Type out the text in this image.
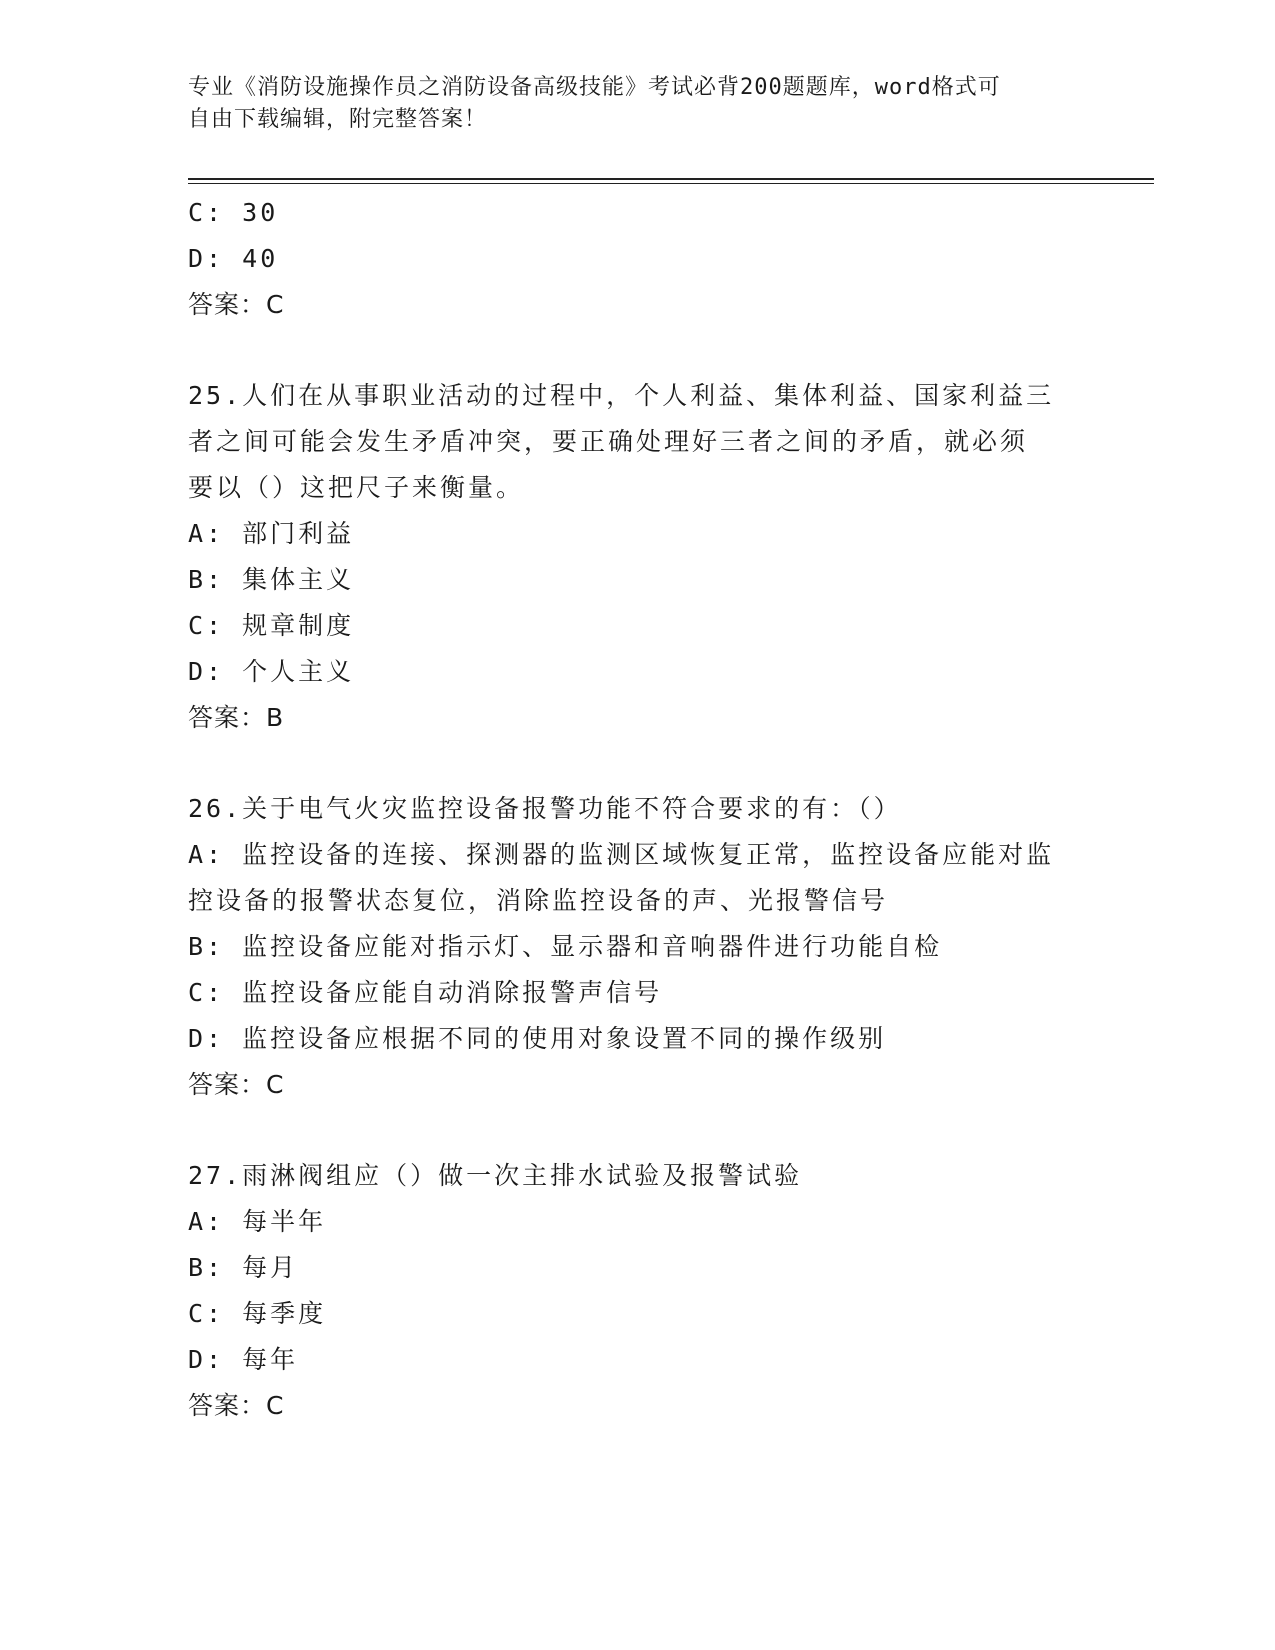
专业《消防设施操作员之消防设备高级技能》考试必背200题题库，word格式可
自由下载编辑，附完整答案！
C: 30
D: 40
答案：C
25.人们在从事职业活动的过程中，个人利益、集体利益、国家利益三
者之间可能会发生矛盾冲突，要正确处理好三者之间的矛盾，就必须
要以（）这把尺子来衡量。
A: 部门利益
B: 集体主义
C: 规章制度
D: 个人主义
答案：B
26.关于电气火灾监控设备报警功能不符合要求的有：（）
A: 监控设备的连接、探测器的监测区域恢复正常，监控设备应能对监
控设备的报警状态复位，消除监控设备的声、光报警信号
B: 监控设备应能对指示灯、显示器和音响器件进行功能自检
C: 监控设备应能自动消除报警声信号
D: 监控设备应根据不同的使用对象设置不同的操作级别
答案：C
27.雨淋阀组应（）做一次主排水试验及报警试验
A: 每半年
B: 每月
C: 每季度
D: 每年
答案：C
